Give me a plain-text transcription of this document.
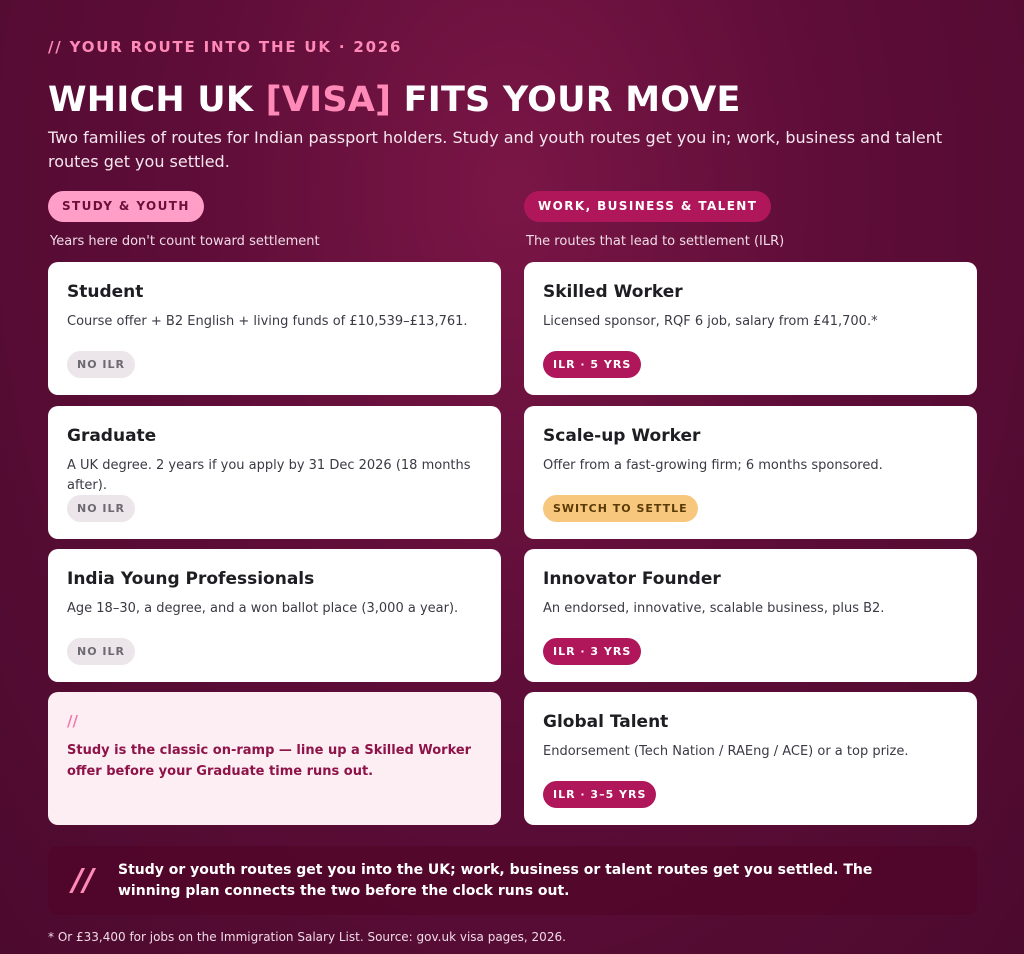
// YOUR ROUTE INTO THE UK · 2026
WHICH UK [VISA] FITS YOUR MOVE

Two families of routes for Indian passport holders. Study and youth routes get you in; work, business and talent routes get you settled.

STUDY & YOUTH
Years here don't count toward settlement
Student
Course offer + B2 English + living funds of £10,539–£13,761.
NO ILR
Graduate
A UK degree. 2 years if you apply by 31 Dec 2026 (18 months after).
NO ILR
India Young Professionals
Age 18–30, a degree, and a won ballot place (3,000 a year).
NO ILR
//
Study is the classic on-ramp — line up a Skilled Worker offer before your Graduate time runs out.
WORK, BUSINESS & TALENT
The routes that lead to settlement (ILR)
Skilled Worker
Licensed sponsor, RQF 6 job, salary from £41,700.*
ILR · 5 YRS
Scale-up Worker
Offer from a fast-growing firm; 6 months sponsored.
SWITCH TO SETTLE
Innovator Founder
An endorsed, innovative, scalable business, plus B2.
ILR · 3 YRS
Global Talent
Endorsement (Tech Nation / RAEng / ACE) or a top prize.
ILR · 3–5 YRS
//	Study or youth routes get you into the UK; work, business or talent routes get you settled. The winning plan connects the two before the clock runs out.
* Or £33,400 for jobs on the Immigration Salary List. Source: gov.uk visa pages, 2026.
